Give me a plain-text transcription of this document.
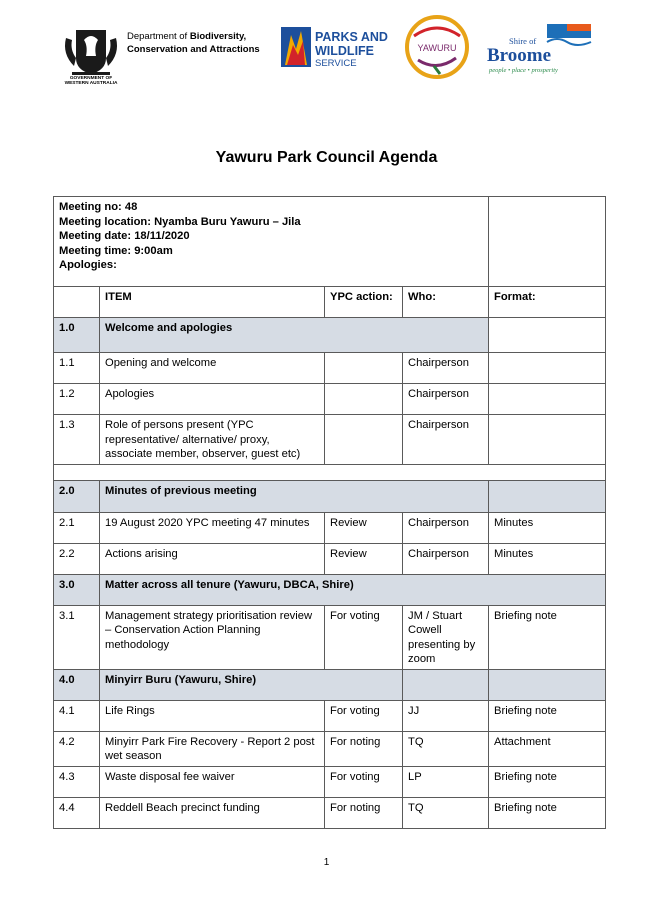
GOVERNMENT OF
WESTERN AUSTRALIA
Department of Biodiversity,
Conservation and Attractions
PARKS AND
WILDLIFE
SERVICE
YAWURU
Shire of
Broome
people • place • prosperity
Yawuru Park Council Agenda
Meeting no: 48
Meeting location: Nyamba Buru Yawuru – Jila
Meeting date: 18/11/2020
Meeting time: 9:00am
Apologies:				

	ITEM	YPC action:	Who:	Format:
1.0	Welcome and apologies			
1.1	Opening and welcome		Chairperson	
1.2	Apologies		Chairperson	
1.3	Role of persons present (YPC representative/ alternative/ proxy, associate member, observer, guest etc)		Chairperson	

2.0	Minutes of previous meeting			
2.1	19 August 2020 YPC meeting 47 minutes	Review	Chairperson	Minutes
2.2	Actions arising	Review	Chairperson	Minutes
3.0	Matter across all tenure (Yawuru, DBCA, Shire)			
3.1	Management strategy prioritisation review – Conservation Action Planning methodology	For voting	JM / Stuart Cowell presenting by zoom	Briefing note
4.0	Minyirr Buru (Yawuru, Shire)			
4.1	Life Rings	For voting	JJ	Briefing note
4.2	Minyirr Park Fire Recovery - Report 2 post wet season	For noting	TQ	Attachment
4.3	Waste disposal fee waiver	For voting	LP	Briefing note
4.4	Reddell Beach precinct funding	For noting	TQ	Briefing note
1
